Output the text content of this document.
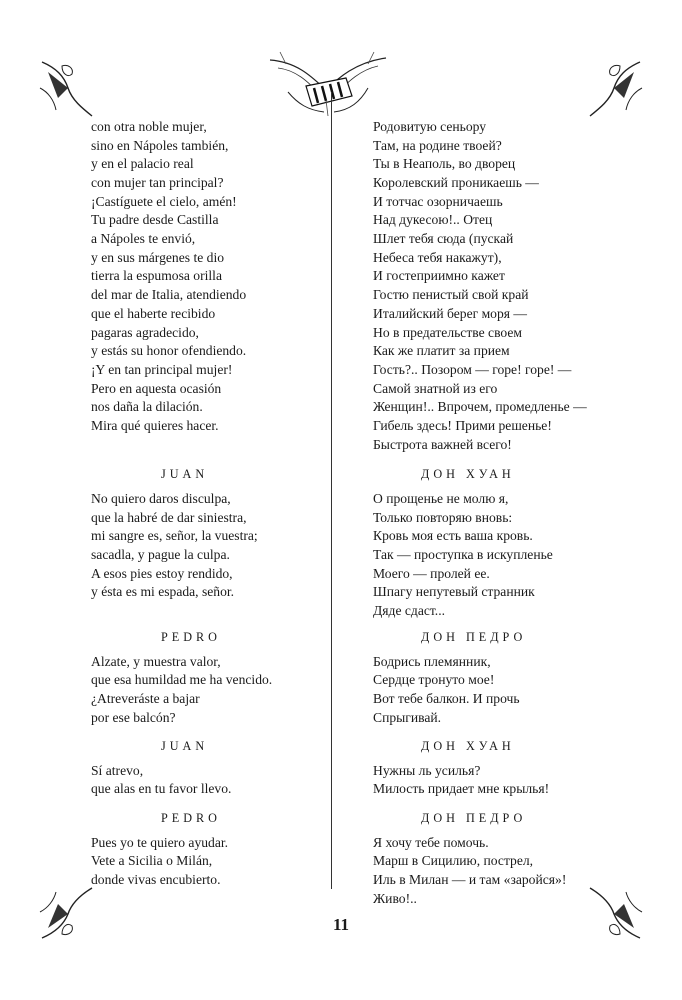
con otra noble mujer,
sino en Nápoles también,
y en el palacio real
con mujer tan principal?
¡Castíguete el cielo, amén!
Tu padre desde Castilla
a Nápoles te envió,
y en sus márgenes te dio
tierra la espumosa orilla
del mar de Italia, atendiendo
que el haberte recibido
pagaras agradecido,
y estás su honor ofendiendo.
¡Y en tan principal mujer!
Pero en aquesta ocasión
nos daña la dilación.
Mira qué quieres hacer.
JUAN
No quiero daros disculpa,
que la habré de dar siniestra,
mi sangre es, señor, la vuestra;
sacadla, y pague la culpa.
A esos pies estoy rendido,
y ésta es mi espada, señor.
PEDRO
Alzate, y muestra valor,
que esa humildad me ha vencido.
¿Atreveráste a bajar
por ese balcón?
JUAN
Sí atrevo,
que alas en tu favor llevo.
PEDRO
Pues yo te quiero ayudar.
Vete a Sicilia o Milán,
donde vivas encubierto.
Родовитую сеньору
Там, на родине твоей?
Ты в Неаполь, во дворец
Королевский проникаешь —
И тотчас озорничаешь
Над дукесою!.. Отец
Шлет тебя сюда (пускай
Небеса тебя накажут),
И гостеприимно кажет
Гостю пенистый свой край
Италийский берег моря —
Но в предательстве своем
Как же платит за прием
Гость?.. Позором — горе! горе! —
Самой знатной из его
Женщин!.. Впрочем, промедленье —
Гибель здесь! Прими решенье!
Быстрота важней всего!
ДОН ХУАН
О прощенье не молю я,
Только повторяю вновь:
Кровь моя есть ваша кровь.
Так — проступка в искупленье
Моего — пролей ее.
Шпагу непутевый странник
Дяде сдаст...
ДОН ПЕДРО
Бодрись племянник,
Сердце тронуто мое!
Вот тебе балкон. И прочь
Спрыгивай.
ДОН ХУАН
Нужны ль усилья?
Милость придает мне крылья!
ДОН ПЕДРО
Я хочу тебе помочь.
Марш в Сицилию, пострел,
Иль в Милан — и там «заройся»!
Живо!..
11
